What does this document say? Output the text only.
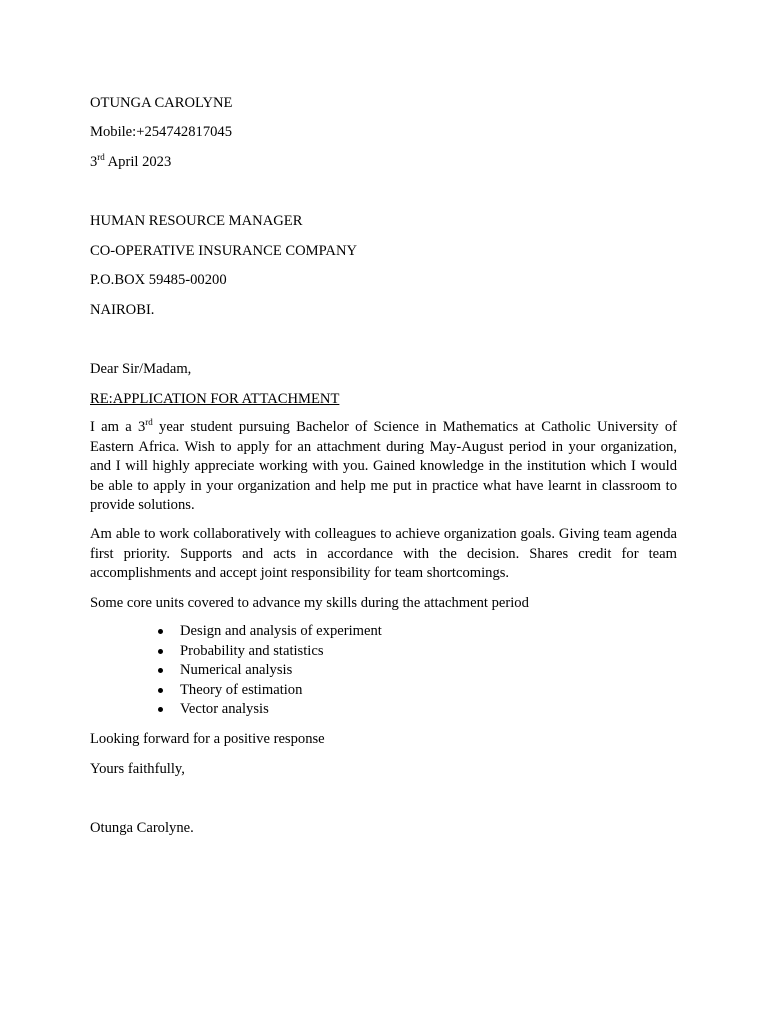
OTUNGA CAROLYNE
Mobile:+254742817045
3rd April 2023
HUMAN RESOURCE MANAGER
CO-OPERATIVE INSURANCE COMPANY
P.O.BOX 59485-00200
NAIROBI.
Dear Sir/Madam,
RE:APPLICATION FOR ATTACHMENT
I am a 3rd year student pursuing Bachelor of Science in Mathematics at Catholic University of Eastern Africa. Wish to apply for an attachment during May-August period in your organization, and I will highly appreciate working with you. Gained knowledge in the institution which I would be able to apply in your organization and help me put in practice what have learnt in classroom to provide solutions.
Am able to work collaboratively with colleagues to achieve organization goals. Giving team agenda first priority. Supports and acts in accordance with the decision. Shares credit for team accomplishments and accept joint responsibility for team shortcomings.
Some core units covered to advance my skills during the attachment period
Design and analysis of experiment
Probability and statistics
Numerical analysis
Theory of estimation
Vector analysis
Looking forward for a positive response
Yours faithfully,
Otunga Carolyne.
